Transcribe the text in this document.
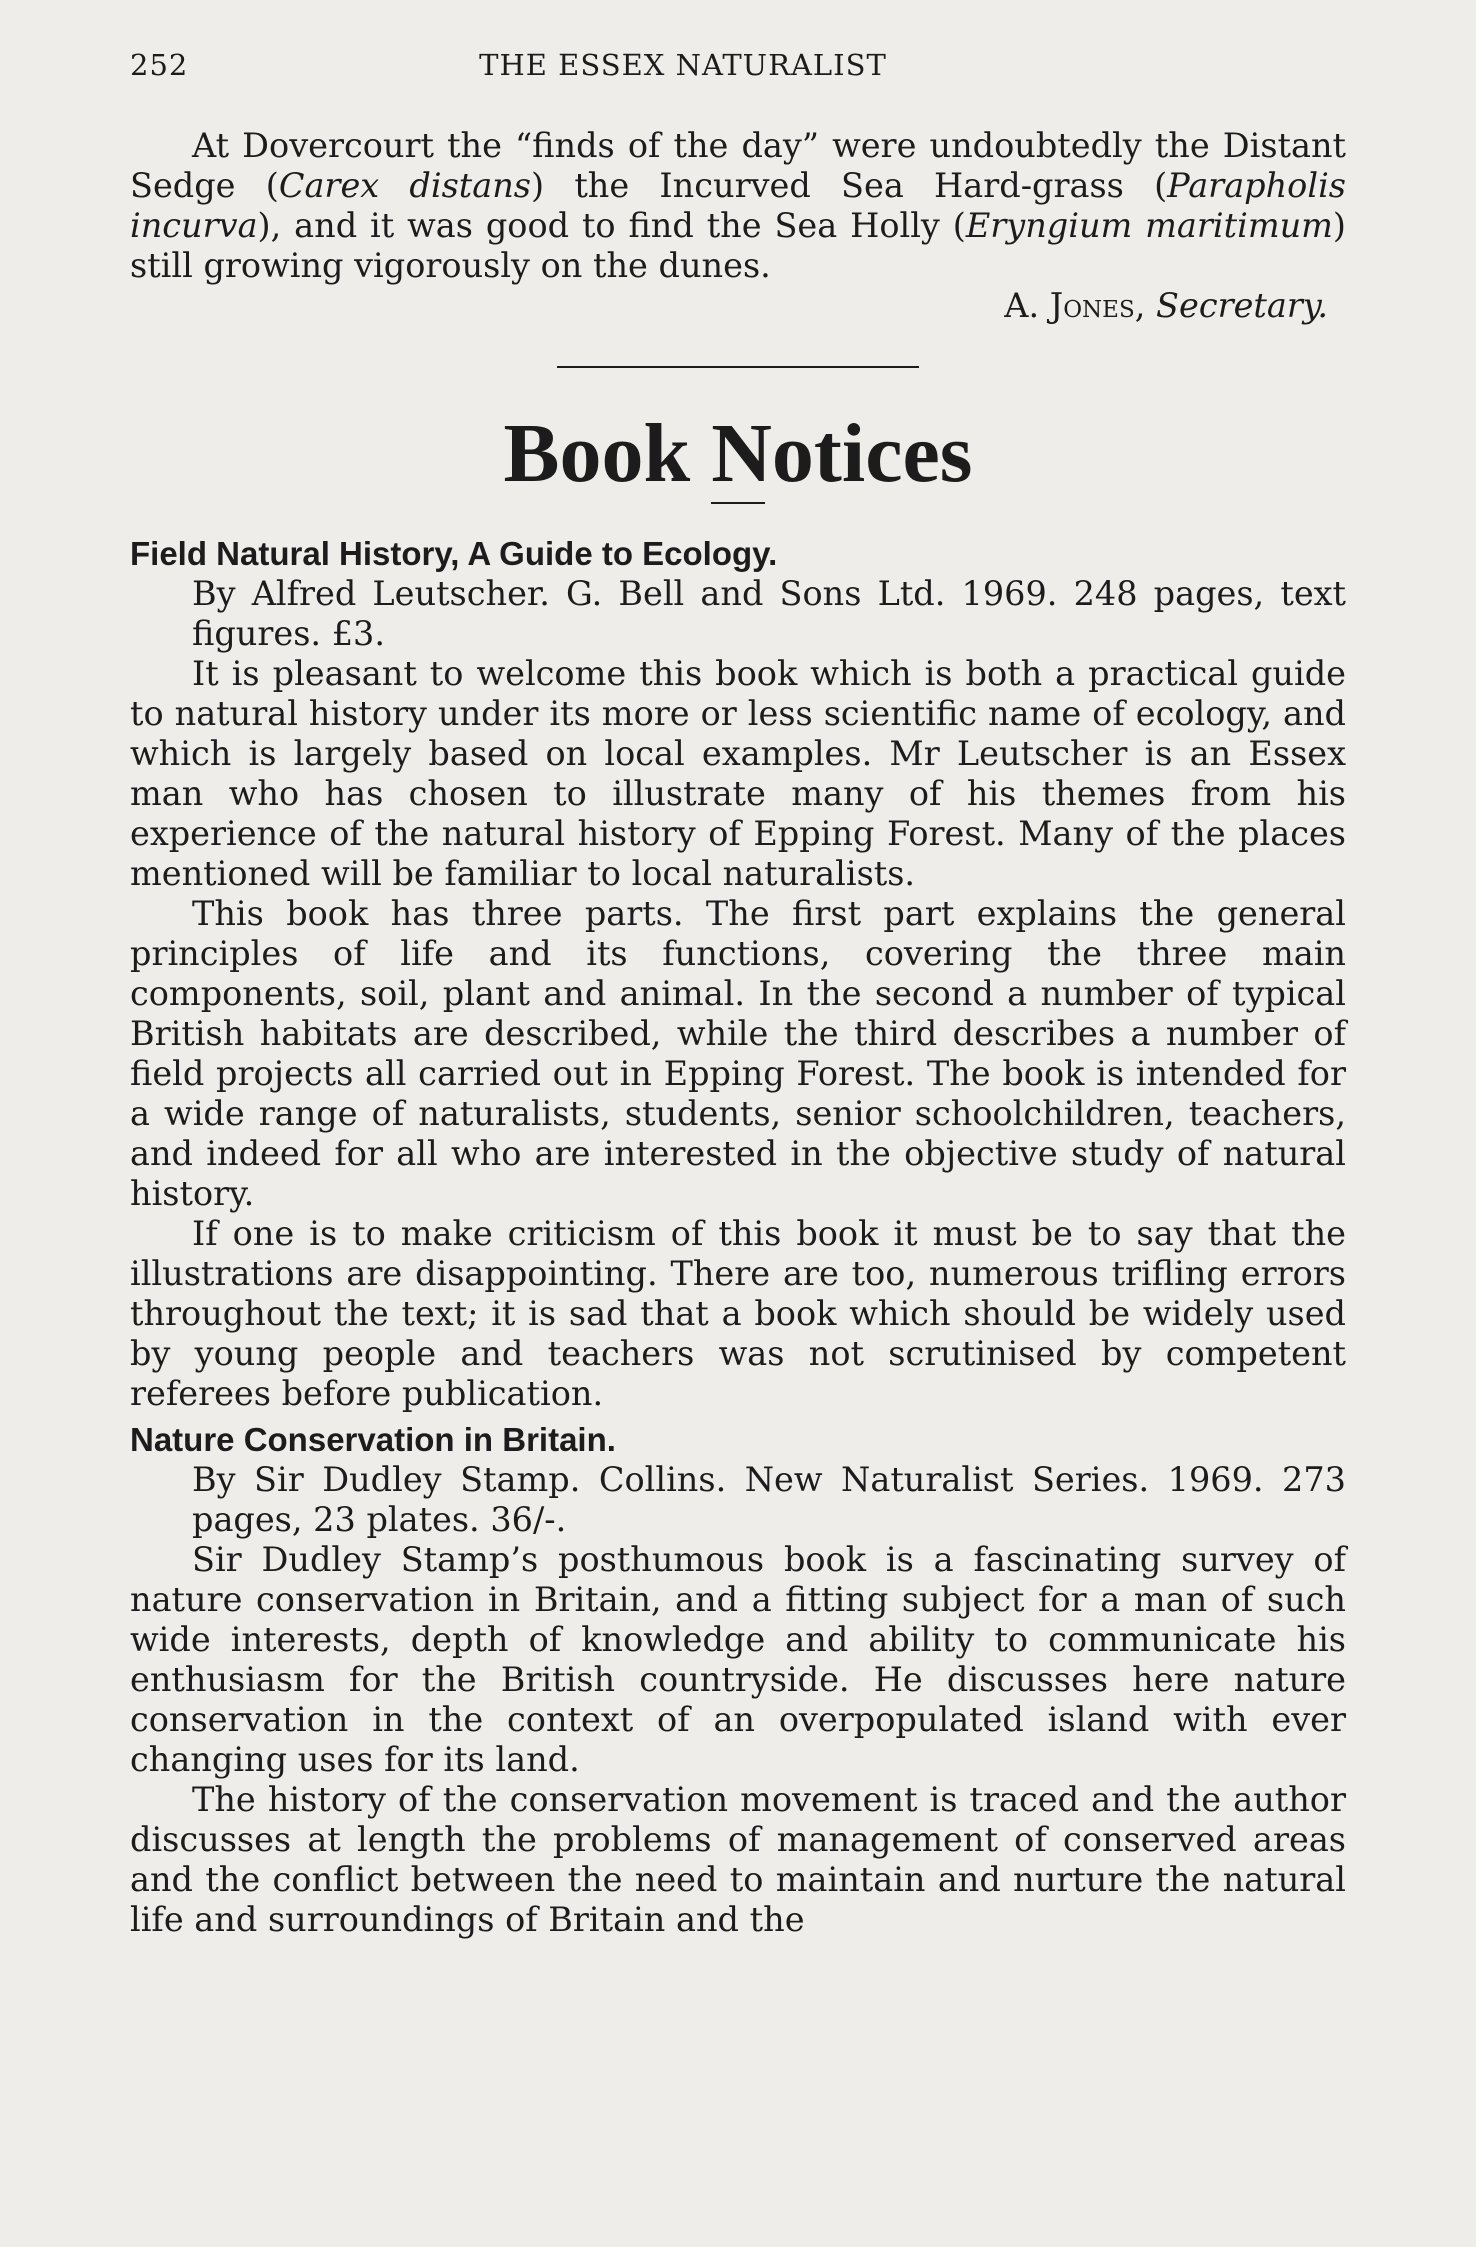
252	THE ESSEX NATURALIST

At Dovercourt the “finds of the day” were undoubtedly the Distant Sedge (Carex distans) the Incurved Sea Hard-grass (Parapholis incurva), and it was good to find the Sea Holly (Eryngium maritimum) still growing vigorously on the dunes.

A. Jones, Secretary.

Book Notices
Field Natural History, A Guide to Ecology.

By Alfred Leutscher. G. Bell and Sons Ltd. 1969. 248 pages, text figures. £3.

It is pleasant to welcome this book which is both a practical guide to natural history under its more or less scientific name of ecology, and which is largely based on local examples. Mr Leutscher is an Essex man who has chosen to illustrate many of his themes from his experience of the natural history of Epping Forest. Many of the places mentioned will be familiar to local naturalists.

This book has three parts. The first part explains the general principles of life and its functions, covering the three main components, soil, plant and animal. In the second a number of typical British habitats are described, while the third describes a number of field projects all carried out in Epping Forest. The book is intended for a wide range of naturalists, students, senior schoolchildren, teachers, and indeed for all who are interested in the objective study of natural history.

If one is to make criticism of this book it must be to say that the illustrations are disappointing. There are too, numerous trifling errors throughout the text; it is sad that a book which should be widely used by young people and teachers was not scrutinised by competent referees before publication.

Nature Conservation in Britain.

By Sir Dudley Stamp. Collins. New Naturalist Series. 1969. 273 pages, 23 plates. 36/-.

Sir Dudley Stamp’s posthumous book is a fascinating survey of nature conservation in Britain, and a fitting subject for a man of such wide interests, depth of knowledge and ability to communicate his enthusiasm for the British countryside. He discusses here nature conservation in the context of an overpopulated island with ever changing uses for its land.

The history of the conservation movement is traced and the author discusses at length the problems of management of conserved areas and the conflict between the need to maintain and nurture the natural life and surroundings of Britain and the
